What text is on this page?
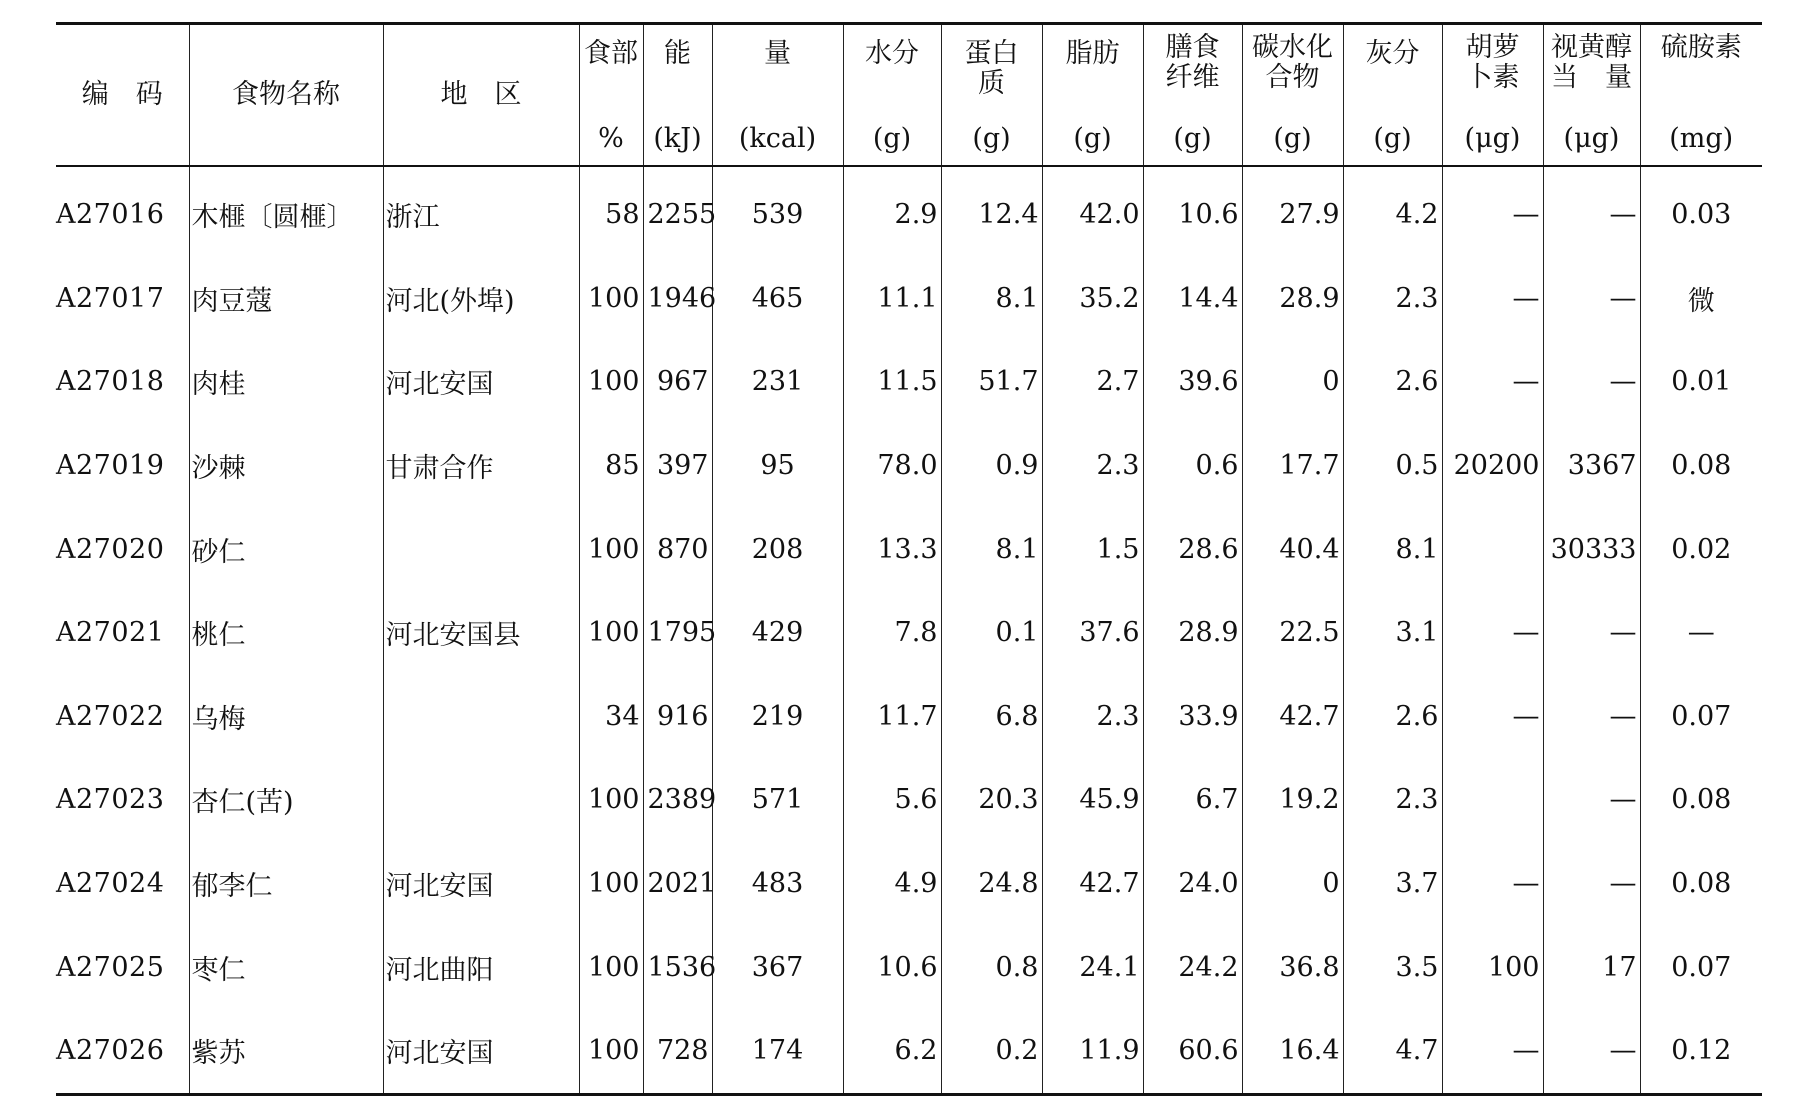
编　码	食物名称	地　区	食部	能	量	水分	蛋白质	脂肪	膳食纤维	碳水化合物	灰分	胡萝卜素	视黄醇当　量	硫胺素
			%	(kJ)	(kcal)	(g)	(g)	(g)	(g)	(g)	(g)	(μg)	(μg)	(mg)
A27016	木榧〔圆榧〕	浙江	58	2255	539	2.9	12.4	42.0	10.6	27.9	4.2	—	—	0.03
A27017	肉豆蔻	河北(外埠)	100	1946	465	11.1	8.1	35.2	14.4	28.9	2.3	—	—	微
A27018	肉桂	河北安国	100	967	231	11.5	51.7	2.7	39.6	0	2.6	—	—	0.01
A27019	沙棘	甘肃合作	85	397	95	78.0	0.9	2.3	0.6	17.7	0.5	20200	3367	0.08
A27020	砂仁		100	870	208	13.3	8.1	1.5	28.6	40.4	8.1		30333	0.02
A27021	桃仁	河北安国县	100	1795	429	7.8	0.1	37.6	28.9	22.5	3.1	—	—	—
A27022	乌梅		34	916	219	11.7	6.8	2.3	33.9	42.7	2.6	—	—	0.07
A27023	杏仁(苦)		100	2389	571	5.6	20.3	45.9	6.7	19.2	2.3		—	0.08
A27024	郁李仁	河北安国	100	2021	483	4.9	24.8	42.7	24.0	0	3.7	—	—	0.08
A27025	枣仁	河北曲阳	100	1536	367	10.6	0.8	24.1	24.2	36.8	3.5	100	17	0.07
A27026	紫苏	河北安国	100	728	174	6.2	0.2	11.9	60.6	16.4	4.7	—	—	0.12
